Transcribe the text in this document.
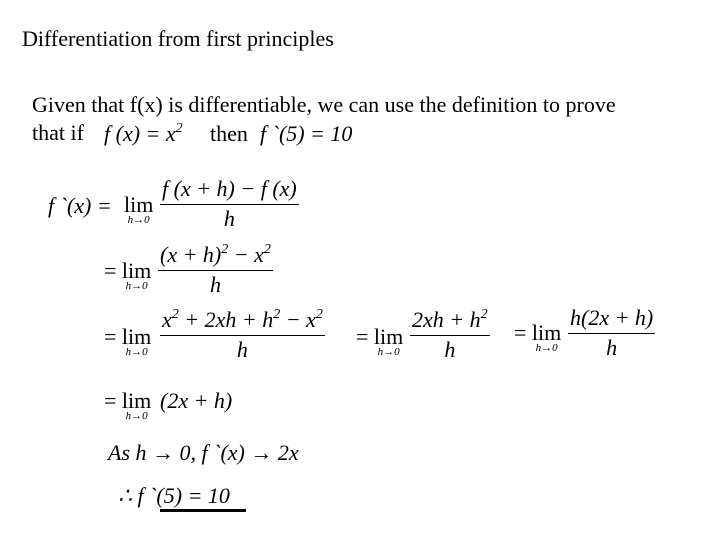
Differentiation from first principles
Given that f(x) is differentiable, we can use the definition to prove
that if f $(x) = x^2$ then f `(5) = 10
f `(x) = lim
h→0
f (x + h) − f (x)
h
= lim
h→0
$(x + h)^2 - x^2$
h
= lim
h→0
$x^2 + 2xh + h^2 - x^2$
h
= lim
h→0
$2xh + h^2$
h
= lim
h→0
h(2x + h)
h
= lim
h→0
(2x + h)
As h → 0, f `(x) → 2x
∴ f `(5) = 10
